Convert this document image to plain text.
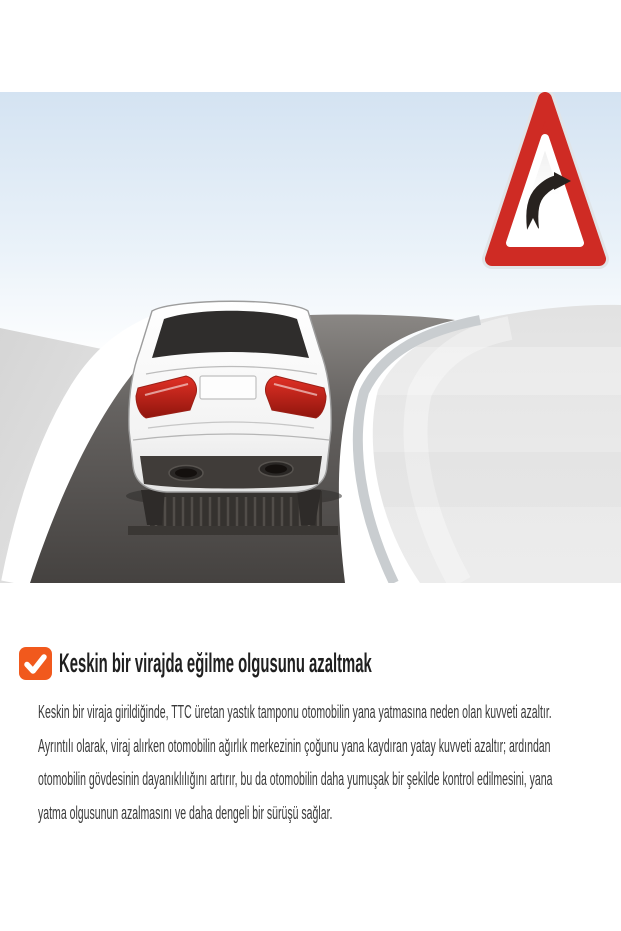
Keskin bir virajda eğilme olgusunu azaltmak
Keskin bir viraja girildiğinde, TTC üretan yastık tamponu otomobilin yana yatmasına neden olan kuvveti azaltır.
Ayrıntılı olarak, viraj alırken otomobilin ağırlık merkezinin çoğunu yana kaydıran yatay kuvveti azaltır; ardından
otomobilin gövdesinin dayanıklılığını artırır, bu da otomobilin daha yumuşak bir şekilde kontrol edilmesini, yana
yatma olgusunun azalmasını ve daha dengeli bir sürüşü sağlar.
